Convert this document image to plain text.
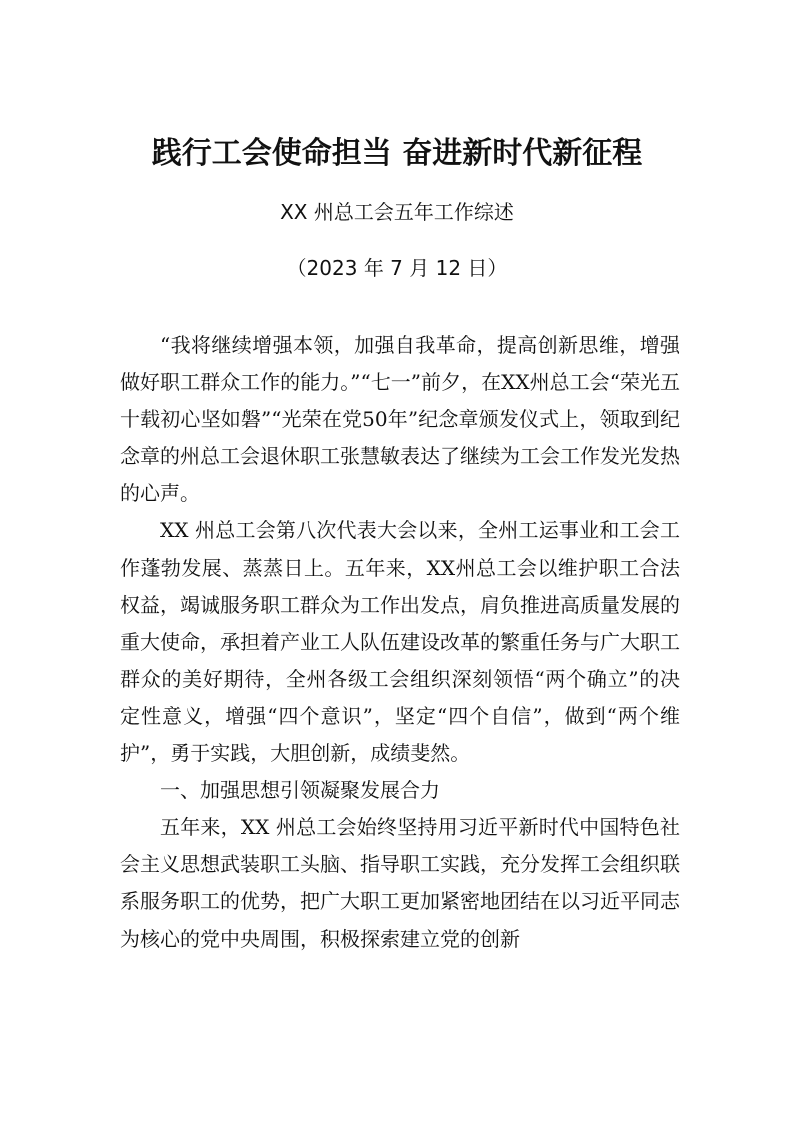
践行工会使命担当 奋进新时代新征程
XX 州总工会五年工作综述
（2023 年 7 月 12 日）

“我将继续增强本领，加强自我革命，提高创新思维，增强做好职工群众工作的能力。”“七一”前夕，在XX州总工会“荣光五十载初心坚如磐”“光荣在党50年”纪念章颁发仪式上，领取到纪念章的州总工会退休职工张慧敏表达了继续为工会工作发光发热的心声。

XX 州总工会第八次代表大会以来，全州工运事业和工会工作蓬勃发展、蒸蒸日上。五年来，XX州总工会以维护职工合法权益，竭诚服务职工群众为工作出发点，肩负推进高质量发展的重大使命，承担着产业工人队伍建设改革的繁重任务与广大职工群众的美好期待，全州各级工会组织深刻领悟“两个确立”的决定性意义，增强“四个意识”，坚定“四个自信”，做到“两个维护”，勇于实践，大胆创新，成绩斐然。

一、加强思想引领凝聚发展合力

五年来，XX 州总工会始终坚持用习近平新时代中国特色社会主义思想武装职工头脑、指导职工实践，充分发挥工会组织联系服务职工的优势，把广大职工更加紧密地团结在以习近平同志为核心的党中央周围，积极探索建立党的创新
